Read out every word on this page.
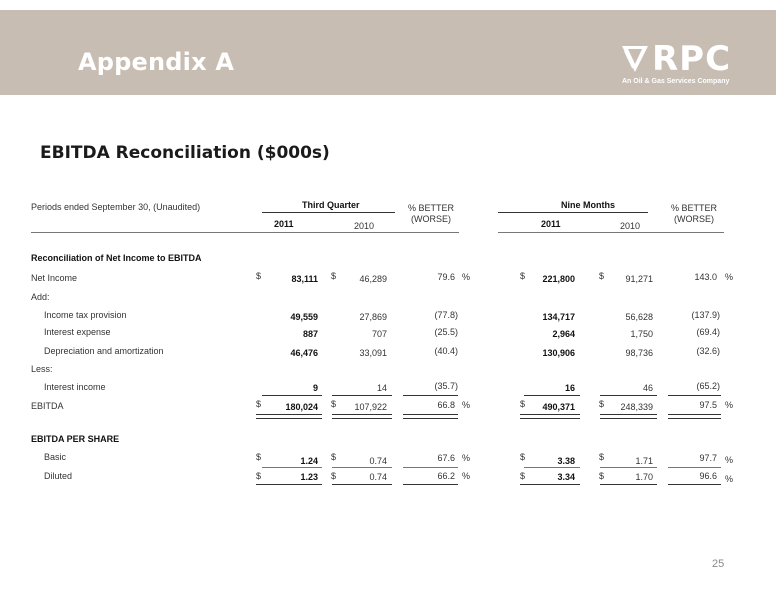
Appendix A	RPC
An Oil & Gas Services Company
EBITDA Reconciliation ($000s)
Periods ended September 30, (Unaudited)	Third Quarter	Nine Months
% BETTER
(WORSE)
% BETTER
(WORSE)
2011	2010	2011	2010
Reconciliation of Net Income to EBITDA
Net Income	$	83,111 $	46,289	79.6 %	$	221,800	$	91,271	143.0 %
Add:
Income tax provision	49,559	27,869	(77.8)	134,717	56,628	(137.9)
Interest expense	887	707	(25.5)	2,964	1,750	(69.4)
Depreciation and amortization	46,476	33,091	(40.4)	130,906	98,736	(32.6)
Less:
Interest income	9	14	(35.7)	16	46	(65.2)
EBITDA	$	180,024 $	107,922	66.8 %	$	490,371	$	248,339	97.5 %
EBITDA PER SHARE
Basic	$	1.24 $	0.74	67.6 %	$	3.38	$	1.71	97.7 %
Diluted	$	1.23 $	0.74	66.2 %	$	3.34	$	1.70	96.6 %
25
